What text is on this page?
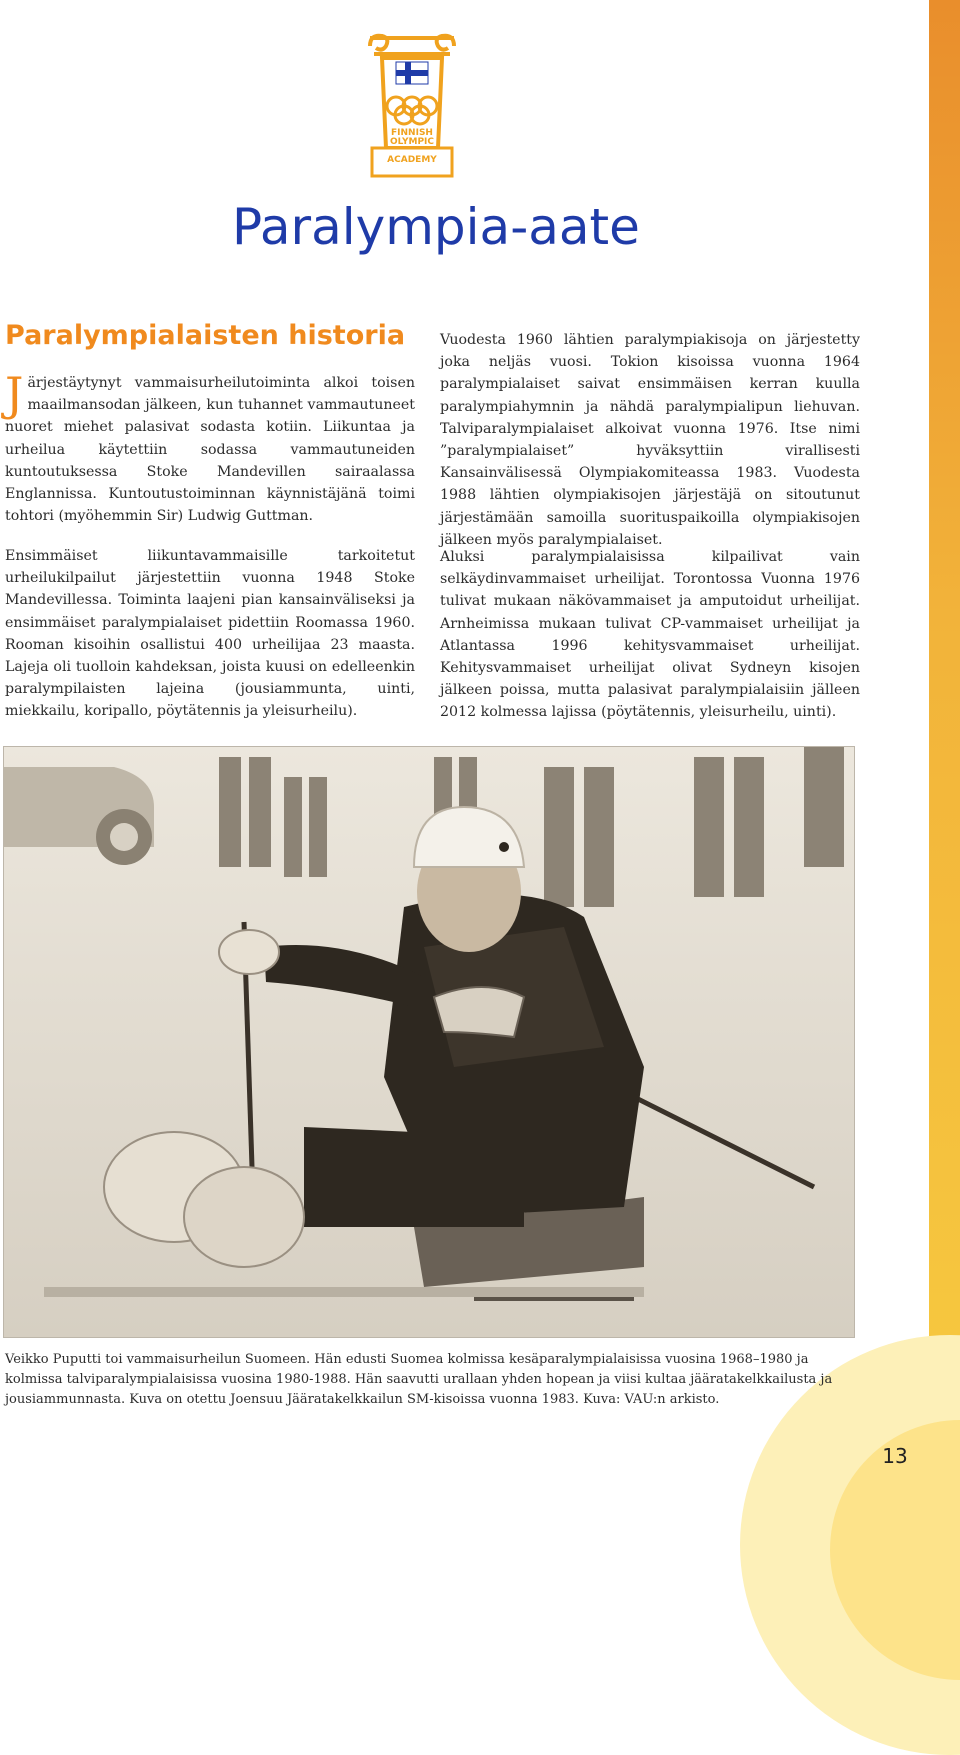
13
FINNISH
OLYMPIC
ACADEMY
Paralympia-aate
Paralympialaisten historia

Järjestäytynyt vammaisurheilutoiminta alkoi toisen maailmansodan jälkeen, kun tuhannet vammautuneet nuoret miehet palasivat sodasta kotiin. Liikuntaa ja urheilua käytettiin sodassa vammautuneiden kuntoutuksessa Stoke Mandevillen sairaalassa Englannissa. Kuntoutustoiminnan käynnistäjänä toimi tohtori (myöhemmin Sir) Ludwig Guttman.

Ensimmäiset liikuntavammaisille tarkoitetut urheilukilpailut järjestettiin vuonna 1948 Stoke Mandevillessa. Toiminta laajeni pian kansainväliseksi ja ensimmäiset paralympialaiset pidettiin Roomassa 1960. Rooman kisoihin osallistui 400 urheilijaa 23 maasta. Lajeja oli tuolloin kahdeksan, joista kuusi on edelleenkin paralympilaisten lajeina (jousiammunta, uinti, miekkailu, koripallo, pöytätennis ja yleisurheilu).

Vuodesta 1960 lähtien paralympiakisoja on järjestetty joka neljäs vuosi. Tokion kisoissa vuonna 1964 paralympialaiset saivat ensimmäisen kerran kuulla paralympiahymnin ja nähdä paralympialipun liehuvan. Talviparalympialaiset alkoivat vuonna 1976. Itse nimi ”paralympialaiset” hyväksyttiin virallisesti Kansainvälisessä Olympiakomiteassa 1983. Vuodesta 1988 lähtien olympiakisojen järjestäjä on sitoutunut järjestämään samoilla suorituspaikoilla olympiakisojen jälkeen myös paralympialaiset.

Aluksi paralympialaisissa kilpailivat vain selkäydinvammaiset urheilijat. Torontossa Vuonna 1976 tulivat mukaan näkövammaiset ja amputoidut urheilijat. Arnheimissa mukaan tulivat CP-vammaiset urheilijat ja Atlantassa 1996 kehitysvammaiset urheilijat. Kehitysvammaiset urheilijat olivat Sydneyn kisojen jälkeen poissa, mutta palasivat paralympialaisiin jälleen 2012 kolmessa lajissa (pöytätennis, yleisurheilu, uinti).

Veikko Puputti toi vammaisurheilun Suomeen. Hän edusti Suomea kolmissa kesäparalympialaisissa vuosina 1968–1980 ja kolmissa talviparalympialaisissa vuosina 1980-1988. Hän saavutti urallaan yhden hopean ja viisi kultaa jääratakelkkailusta ja jousiammunnasta. Kuva on otettu Joensuu Jääratakelkkailun SM-kisoissa vuonna 1983. Kuva: VAU:n arkisto.
